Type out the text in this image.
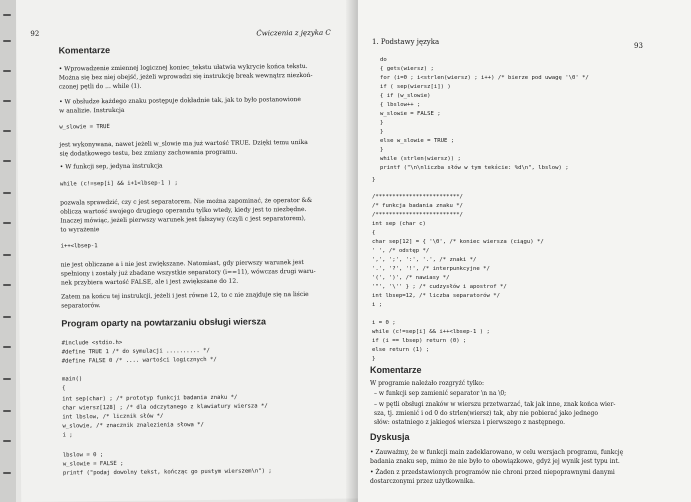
92	Ćwiczenia z języka C
Komentarze
• Wprowadzenie zmiennej logicznej koniec_tekstu ułatwia wykrycie końca tekstu.
Można się bez niej obejść, jeżeli wprowadzi się instrukcję break wewnątrz niezkoń-
czonej pętli do ... while (1).
• W obsłudze każdego znaku postępuje dokładnie tak, jak to było postanowione
w analizie. Instrukcja
w_slowie = TRUE
jest wykonywana, nawet jeżeli w_slowie ma już wartość TRUE. Dzięki temu unika
się dodatkowego testu, bez zmiany zachowania programu.
• W funkcji sep, jedyna instrukcja
while (c!=sep[i] && i+1<lbsep-1 ) ;
pozwala sprawdzić, czy c jest separatorem. Nie można zapominać, że operator &&
oblicza wartość swojego drugiego operandu tylko wtedy, kiedy jest to niezbędne.
Inaczej mówiąc, jeżeli pierwszy warunek jest fałszywy (czyli c jest separatorem),
to wyrażenie
i++<lbsep-1
nie jest obliczane a i nie jest zwiększane. Natomiast, gdy pierwszy warunek jest
spełniony i zostały już zbadane wszystkie separatory (i==11), wówczas drugi waru-
nek przybiera wartość FALSE, ale i jest zwiększane do 12.
Zatem na końcu tej instrukcji, jeżeli i jest równe 12, to c nie znajduje się na liście
separatorów.
Program oparty na powtarzaniu obsługi wiersza
#include <stdio.h>
#define TRUE 1 /* do symulacji .......... */
#define FALSE 0 /* .... wartości logicznych */
main()
{
int sep(char) ; /* prototyp funkcji badania znaku */
char wiersz[128] ; /* dla odczytanego z klawiatury wiersza */
int lbslow, /* licznik słów */
w_slowie, /* znacznik znalezienia słowa */
i ;
lbslow = 0 ;
w_slowie = FALSE ;
printf ("podaj dowolny tekst, kończąc go pustym wierszem\n") ;
1. Podstawy języka	93
do
{ gets(wiersz) ;
for (i=0 ; i<strlen(wiersz) ; i++) /* bierze pod uwagę '\0' */
if ( sep(wiersz[i]) )
{ if (w_slowie)
{ lbslow++ ;
w_slowie = FALSE ;
}
}
else w_slowie = TRUE ;
}
while (strlen(wiersz)) ;
printf ("\n\nliczba słów w tym tekście: %d\n", lbslow) ;
}
/*************************/
/* funkcja badania znaku */
/*************************/
int sep (char c)
{
char sep[12] = { '\0', /* koniec wiersza (ciągu) */
' ', /* odstęp */
',', ';', ':', '.', /* znaki */
'.', '?', '!', /* interpunkcyjne */
'(', ')', /* nawiasy */
'"', '\'' } ; /* cudzysłów i apostrof */
int lbsep=12, /* liczba separatorów */
i ;
i = 0 ;
while (c!=sep[i] && i++<lbsep-1 ) ;
if (i == lbsep) return (0) ;
else return (1) ;
}
Komentarze
W programie należało rozgryźć tylko:
– w funkcji sep zamienić separator \n na \0;
– w pętli obsługi znaków w wierszu przetwarzać, tak jak inne, znak końca wier-
sza, tj. zmienić i od 0 do strlen(wiersz) tak, aby nie pobierać jako jednego
słów: ostatniego z jakiegoś wiersza i pierwszego z następnego.
Dyskusja
• Zauważmy, że w funkcji main zadeklarowano, w celu wersjach programu, funkcję
badania znaku sep, mimo że nie było to obowiązkowe, gdyż jej wynik jest typu int.
• Żaden z przedstawionych programów nie chroni przed niepoprawnymi danymi
dostarczonymi przez użytkownika.
